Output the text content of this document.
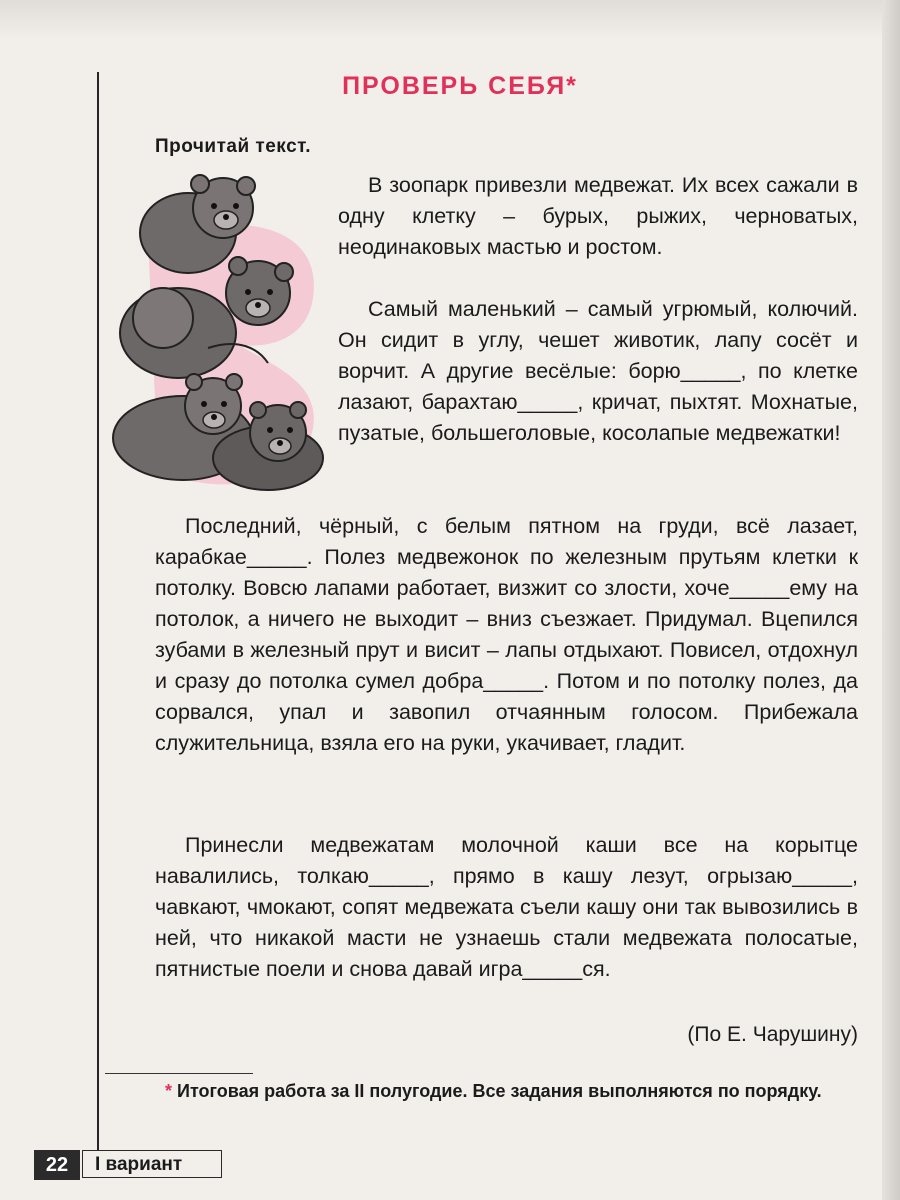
ПРОВЕРЬ СЕБЯ*
Прочитай текст.

В зоопарк привезли медвежат. Их всех сажали в одну клетку – бурых, рыжих, черноватых, неодинаковых мастью и ростом.

Самый маленький – самый угрюмый, колючий. Он сидит в углу, чешет животик, лапу сосёт и ворчит. А другие весёлые: борю_____, по клетке лазают, барахтаю_____, кричат, пыхтят. Мохнатые, пузатые, большеголовые, косолапые медвежатки!

Последний, чёрный, с белым пятном на груди, всё лазает, карабкае_____. Полез медвежонок по железным прутьям клетки к потолку. Вовсю лапами работает, визжит со злости, хоче_____ему на потолок, а ничего не выходит – вниз съезжает. Придумал. Вцепился зубами в железный прут и висит – лапы отдыхают. Повисел, отдохнул и сразу до потолка сумел добра_____. Потом и по потолку полез, да сорвался, упал и завопил отчаянным голосом. Прибежала служительница, взяла его на руки, укачивает, гладит.

Принесли медвежатам молочной каши все на корытце навалились, толкаю_____, прямо в кашу лезут, огрызаю_____, чавкают, чмокают, сопят медвежата съели кашу они так вывозились в ней, что никакой масти не узнаешь стали медвежата полосатые, пятнистые поели и снова давай игра_____ся.

(По Е. Чарушину)
* Итоговая работа за II полугодие. Все задания выполняются по порядку.
22	I вариант
